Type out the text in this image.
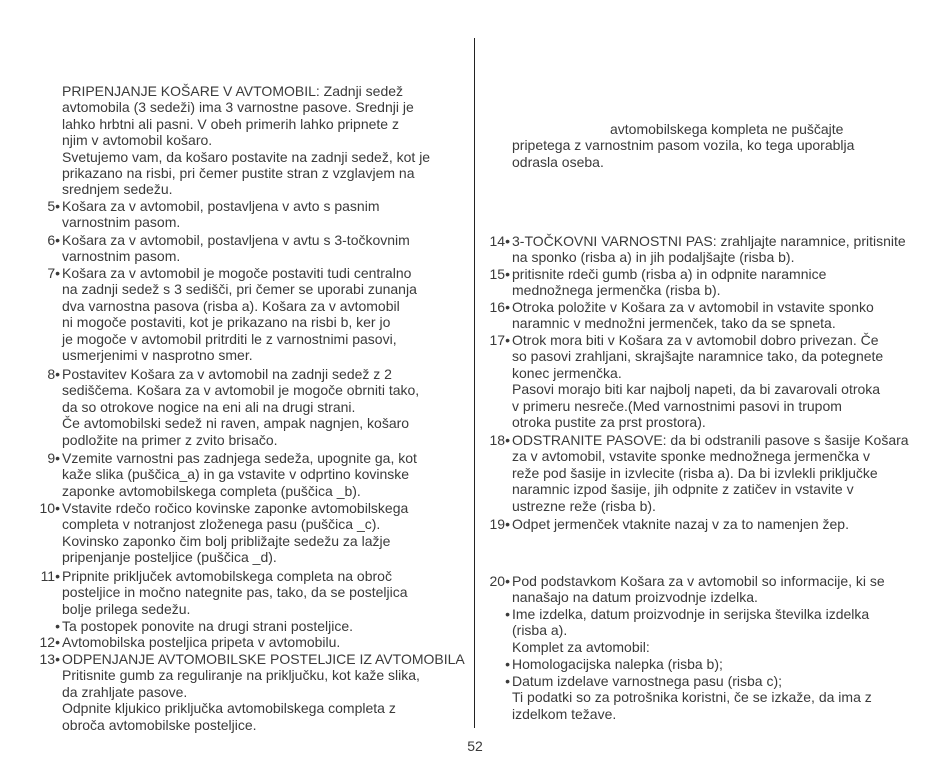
PRIPENJANJE KOŠARE V AVTOMOBIL: Zadnji sedež
avtomobila (3 sedeži) ima 3 varnostne pasove. Srednji je
lahko hrbtni ali pasni. V obeh primerih lahko pripnete z
njim v avtomobil košaro.
Svetujemo vam, da košaro postavite na zadnji sedež, kot je
prikazano na risbi, pri čemer pustite stran z vzglavjem na
srednjem sedežu.
5• Košara za v avtomobil, postavljena v avto s pasnim
varnostnim pasom.
6• Košara za v avtomobil, postavljena v avtu s 3-točkovnim
varnostnim pasom.
7• Košara za v avtomobil je mogoče postaviti tudi centralno
na zadnji sedež s 3 sedišči, pri čemer se uporabi zunanja
dva varnostna pasova (risba a). Košara za v avtomobil
ni mogoče postaviti, kot je prikazano na risbi b, ker jo
je mogoče v avtomobil pritrditi le z varnostnimi pasovi,
usmerjenimi v nasprotno smer.
8• Postavitev Košara za v avtomobil na zadnji sedež z 2
sediščema. Košara za v avtomobil je mogoče obrniti tako,
da so otrokove nogice na eni ali na drugi strani.
Če avtomobilski sedež ni raven, ampak nagnjen, košaro
podložite na primer z zvito brisačo.
9• Vzemite varnostni pas zadnjega sedeža, upognite ga, kot
kaže slika (puščica_a) in ga vstavite v odprtino kovinske
zaponke avtomobilskega completa (puščica _b).
10• Vstavite rdečo ročico kovinske zaponke avtomobilskega
completa v notranjost zloženega pasu (puščica _c).
Kovinsko zaponko čim bolj približajte sedežu za lažje
pripenjanje posteljice (puščica _d).
11• Pripnite priključek avtomobilskega completa na obroč
posteljice in močno nategnite pas, tako, da se posteljica
bolje prilega sedežu.
• Ta postopek ponovite na drugi strani posteljice.
12• Avtomobilska posteljica pripeta v avtomobilu.
13• ODPENJANJE AVTOMOBILSKE POSTELJICE IZ AVTOMOBILA
Pritisnite gumb za reguliranje na priključku, kot kaže slika,
da zrahljate pasove.
Odpnite kljukico priključka avtomobilskega completa z
obroča avtomobilske posteljice.
avtomobilskega kompleta ne puščajte
pripetega z varnostnim pasom vozila, ko tega uporablja
odrasla oseba.
14• 3-TOČKOVNI VARNOSTNI PAS: zrahljajte naramnice, pritisnite
na sponko (risba a) in jih podaljšajte (risba b).
15• pritisnite rdeči gumb (risba a) in odpnite naramnice
mednožnega jermenčka (risba b).
16• Otroka položite v Košara za v avtomobil in vstavite sponko
naramnic v mednožni jermenček, tako da se spneta.
17• Otrok mora biti v Košara za v avtomobil dobro privezan. Če
so pasovi zrahljani, skrajšajte naramnice tako, da potegnete
konec jermenčka.
Pasovi morajo biti kar najbolj napeti, da bi zavarovali otroka
v primeru nesreče.(Med varnostnimi pasovi in trupom
otroka pustite za prst prostora).
18• ODSTRANITE PASOVE: da bi odstranili pasove s šasije Košara
za v avtomobil, vstavite sponke mednožnega jermenčka v
reže pod šasije in izvlecite (risba a). Da bi izvlekli priključke
naramnic izpod šasije, jih odpnite z zatičev in vstavite v
ustrezne reže (risba b).
19• Odpet jermenček vtaknite nazaj v za to namenjen žep.
20• Pod podstavkom Košara za v avtomobil so informacije, ki se
nanašajo na datum proizvodnje izdelka.
• Ime izdelka, datum proizvodnje in serijska številka izdelka
(risba a).
Komplet za avtomobil:
• Homologacijska nalepka (risba b);
• Datum izdelave varnostnega pasu (risba c);
Ti podatki so za potrošnika koristni, če se izkaže, da ima z
izdelkom težave.
52
